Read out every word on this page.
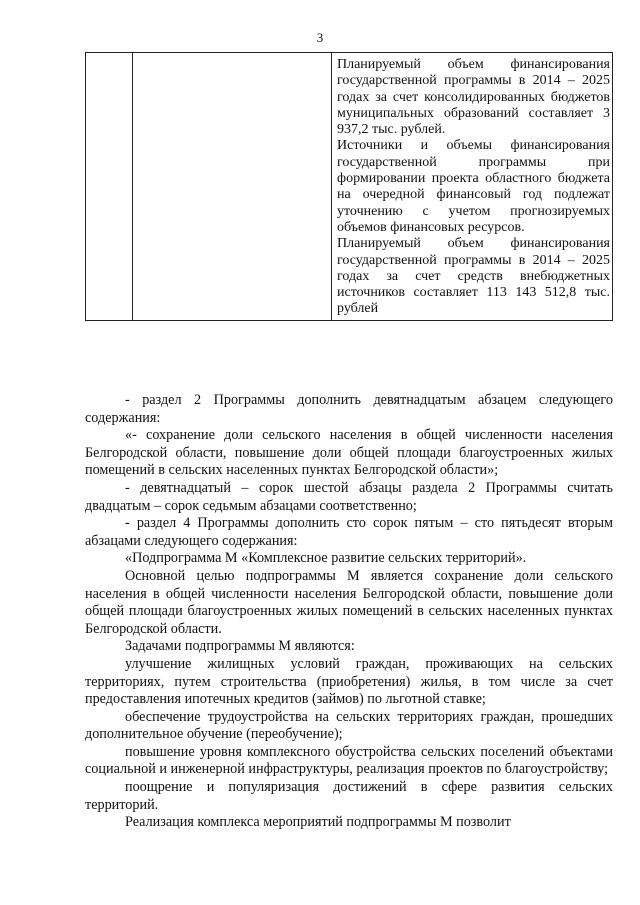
3

Планируемый объем финансирования государственной программы в 2014 – 2025 годах за счет консолидированных бюджетов муниципальных образований составляет 3 937,2 тыс. рублей.

Источники и объемы финансирования государственной программы при формировании проекта областного бюджета на очередной финансовый год подлежат уточнению с учетом прогнозируемых объемов финансовых ресурсов.

Планируемый объем финансирования государственной программы в 2014 – 2025 годах за счет средств внебюджетных источников составляет 113 143 512,8 тыс. рублей

- раздел 2 Программы дополнить девятнадцатым абзацем следующего содержания:

«- сохранение доли сельского населения в общей численности населения Белгородской области, повышение доли общей площади благоустроенных жилых помещений в сельских населенных пунктах Белгородской области»;

- девятнадцатый – сорок шестой абзацы раздела 2 Программы считать двадцатым – сорок седьмым абзацами соответственно;

- раздел 4 Программы дополнить сто сорок пятым – сто пятьдесят вторым абзацами следующего содержания:

«Подпрограмма М «Комплексное развитие сельских территорий».

Основной целью подпрограммы М является сохранение доли сельского населения в общей численности населения Белгородской области, повышение доли общей площади благоустроенных жилых помещений в сельских населенных пунктах Белгородской области.

Задачами подпрограммы М являются:

улучшение жилищных условий граждан, проживающих на сельских территориях, путем строительства (приобретения) жилья, в том числе за счет предоставления ипотечных кредитов (займов) по льготной ставке;

обеспечение трудоустройства на сельских территориях граждан, прошедших дополнительное обучение (переобучение);

повышение уровня комплексного обустройства сельских поселений объектами социальной и инженерной инфраструктуры, реализация проектов по благоустройству;

поощрение и популяризация достижений в сфере развития сельских территорий.

Реализация комплекса мероприятий подпрограммы М позволит
